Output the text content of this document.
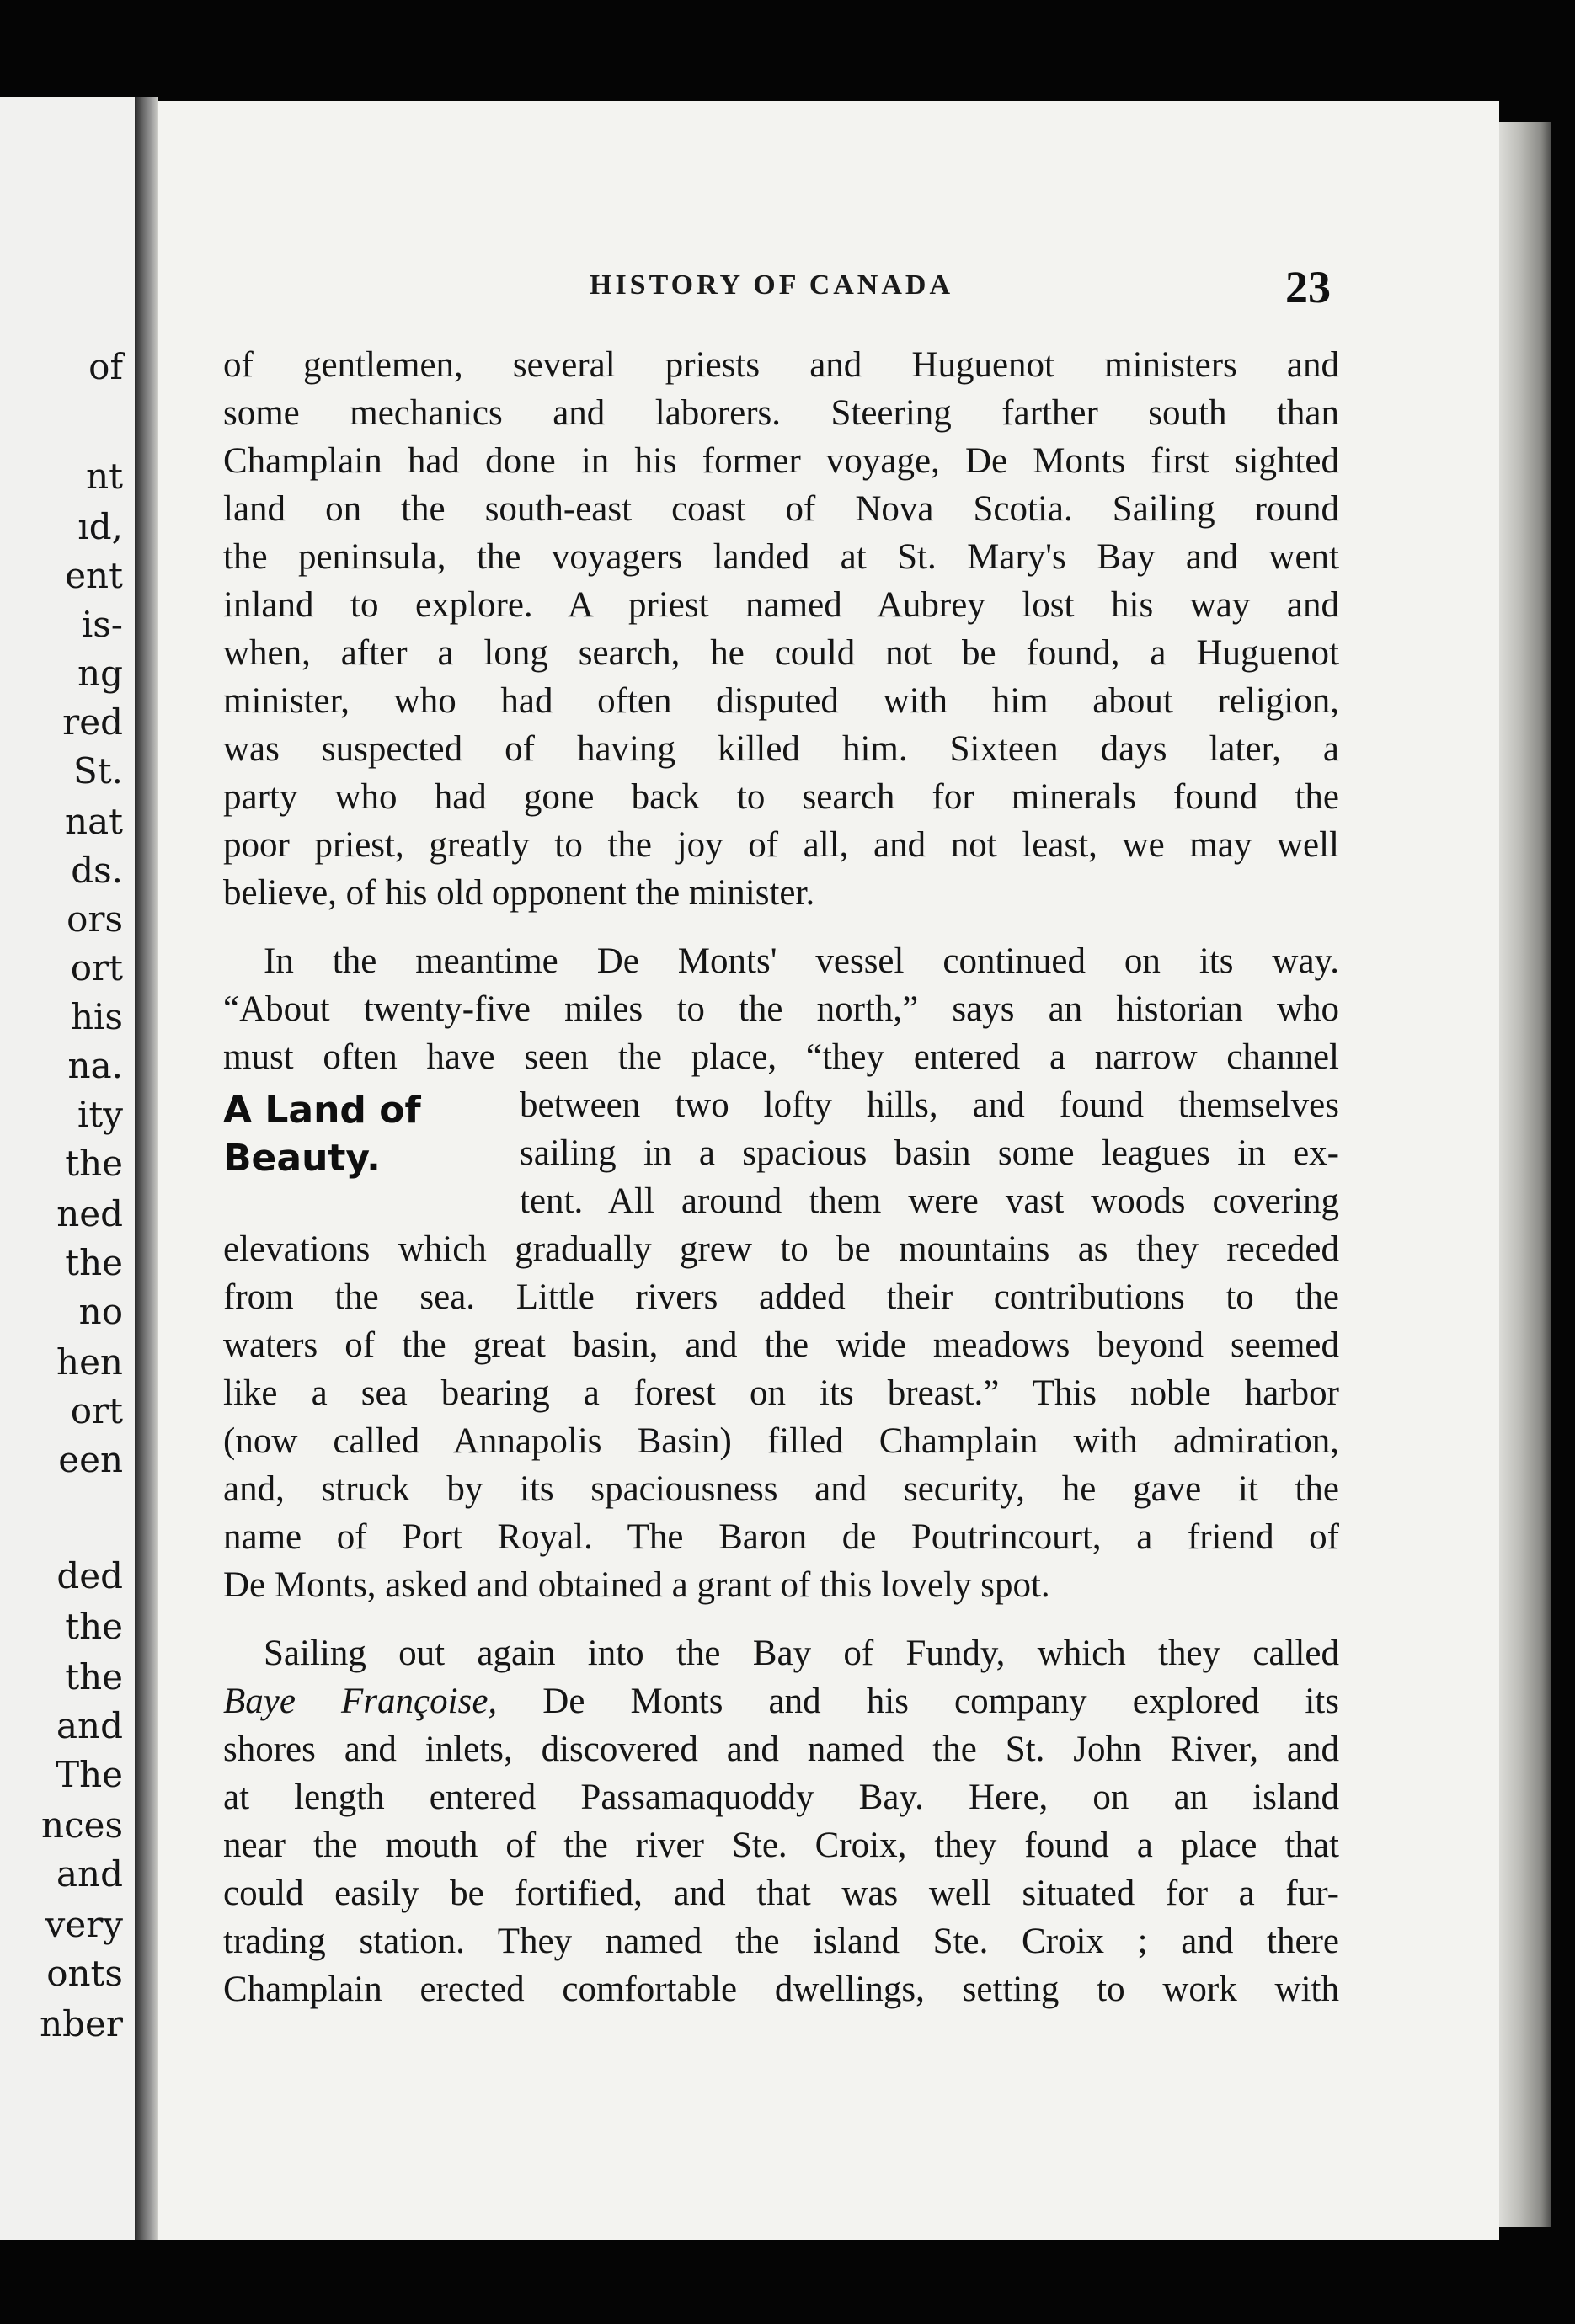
of
nt
ıd,
ent
is-
ng
red
St.
nat
ds.
ors
ort
his
na.
ity
the
ned
the
no
hen
ort
een
ded
the
the
and
The
nces
and
very
onts
nber
HISTORY OF CANADA	23
of gentlemen, several priests and Huguenot ministers and
some mechanics and laborers. Steering farther south than
Champlain had done in his former voyage, De Monts first sighted
land on the south-east coast of Nova Scotia. Sailing round
the peninsula, the voyagers landed at St. Mary's Bay and went
inland to explore. A priest named Aubrey lost his way and
when, after a long search, he could not be found, a Huguenot
minister, who had often disputed with him about religion,
was suspected of having killed him. Sixteen days later, a
party who had gone back to search for minerals found the
poor priest, greatly to the joy of all, and not least, we may well
believe, of his old opponent the minister.
In the meantime De Monts' vessel continued on its way.
“About twenty-five miles to the north,” says an historian who
must often have seen the place, “they entered a narrow channel
A Land of Beauty.
between two lofty hills, and found themselves
sailing in a spacious basin some leagues in ex-
tent. All around them were vast woods covering
elevations which gradually grew to be mountains as they receded
from the sea. Little rivers added their contributions to the
waters of the great basin, and the wide meadows beyond seemed
like a sea bearing a forest on its breast.” This noble harbor
(now called Annapolis Basin) filled Champlain with admiration,
and, struck by its spaciousness and security, he gave it the
name of Port Royal. The Baron de Poutrincourt, a friend of
De Monts, asked and obtained a grant of this lovely spot.
Sailing out again into the Bay of Fundy, which they called
Baye Françoise, De Monts and his company explored its
shores and inlets, discovered and named the St. John River, and
at length entered Passamaquoddy Bay. Here, on an island
near the mouth of the river Ste. Croix, they found a place that
could easily be fortified, and that was well situated for a fur-
trading station. They named the island Ste. Croix ; and there
Champlain erected comfortable dwellings, setting to work with
